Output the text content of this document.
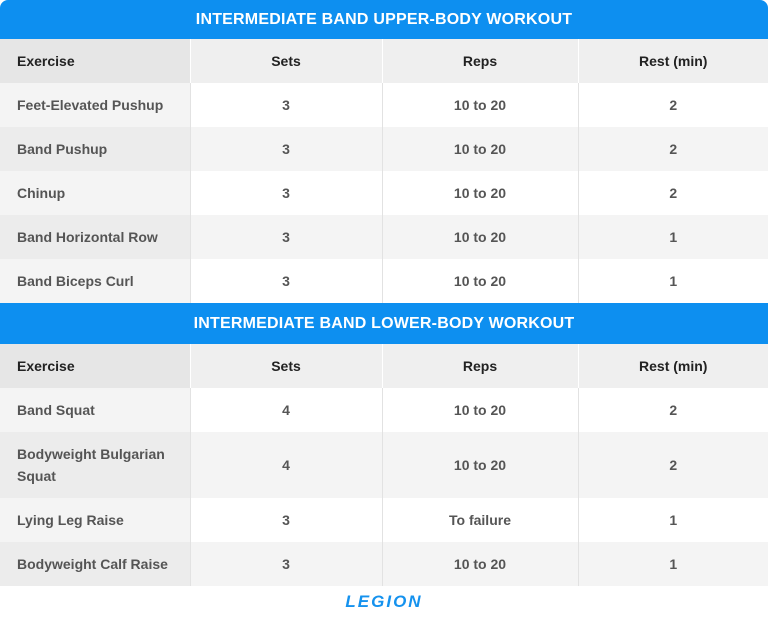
INTERMEDIATE BAND UPPER-BODY WORKOUT
Exercise	Sets	Reps	Rest (min)
Feet-Elevated Pushup	3	10 to 20	2
Band Pushup	3	10 to 20	2
Chinup	3	10 to 20	2
Band Horizontal Row	3	10 to 20	1
Band Biceps Curl	3	10 to 20	1
INTERMEDIATE BAND LOWER-BODY WORKOUT
Exercise	Sets	Reps	Rest (min)
Band Squat	4	10 to 20	2
Bodyweight Bulgarian Squat	4	10 to 20	2
Lying Leg Raise	3	To failure	1
Bodyweight Calf Raise	3	10 to 20	1
LEGION
